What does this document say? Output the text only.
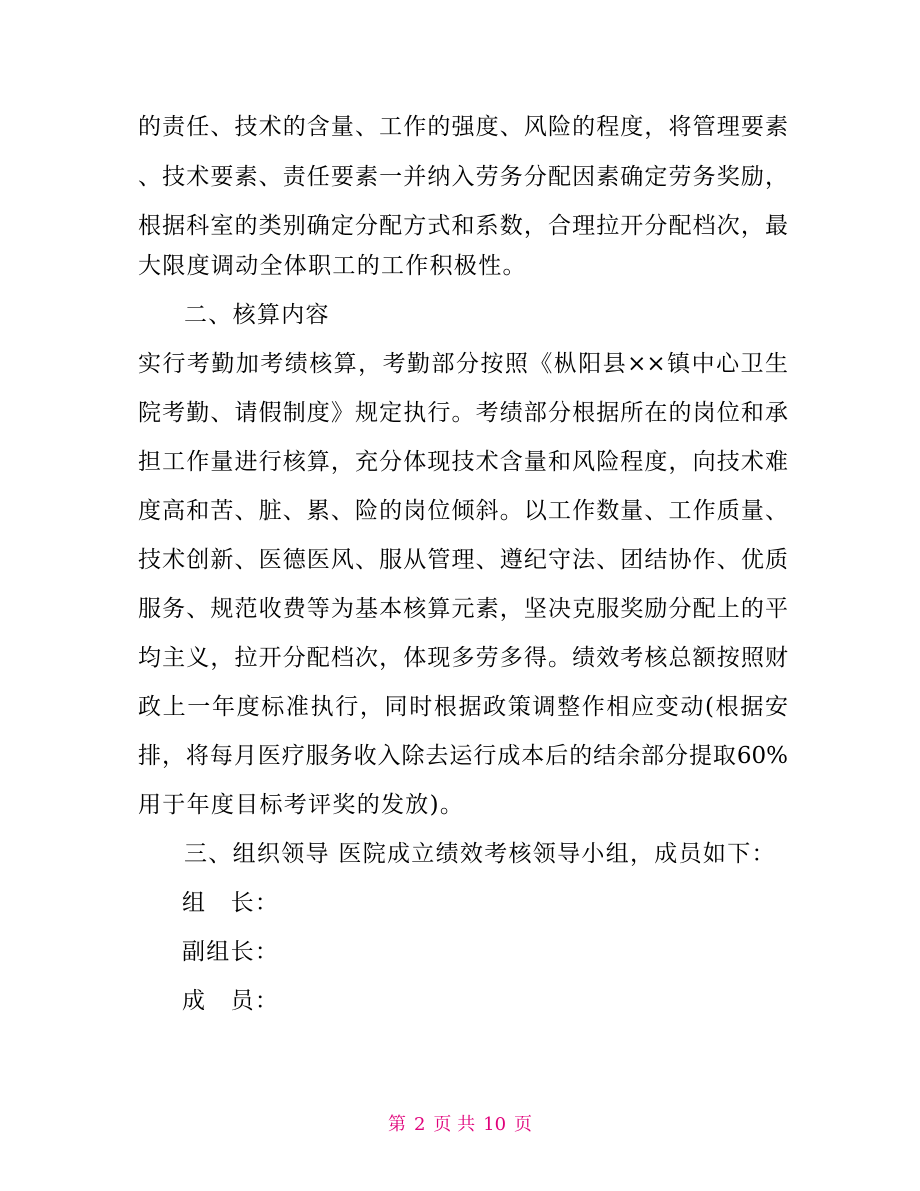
的责任、技术的含量、工作的强度、风险的程度，将管理要素
、技术要素、责任要素一并纳入劳务分配因素确定劳务奖励，
根据科室的类别确定分配方式和系数，合理拉开分配档次，最
大限度调动全体职工的工作积极性。
二、核算内容
实行考勤加考绩核算，考勤部分按照《枞阳县××镇中心卫生
院考勤、请假制度》规定执行。考绩部分根据所在的岗位和承
担工作量进行核算，充分体现技术含量和风险程度，向技术难
度高和苦、脏、累、险的岗位倾斜。以工作数量、工作质量、
技术创新、医德医风、服从管理、遵纪守法、团结协作、优质
服务、规范收费等为基本核算元素，坚决克服奖励分配上的平
均主义，拉开分配档次，体现多劳多得。绩效考核总额按照财
政上一年度标准执行，同时根据政策调整作相应变动(根据安
排，将每月医疗服务收入除去运行成本后的结余部分提取60%
用于年度目标考评奖的发放)。
三、组织领导 医院成立绩效考核领导小组，成员如下：
组　长：
副组长：
成　员：
第 2 页 共 10 页
